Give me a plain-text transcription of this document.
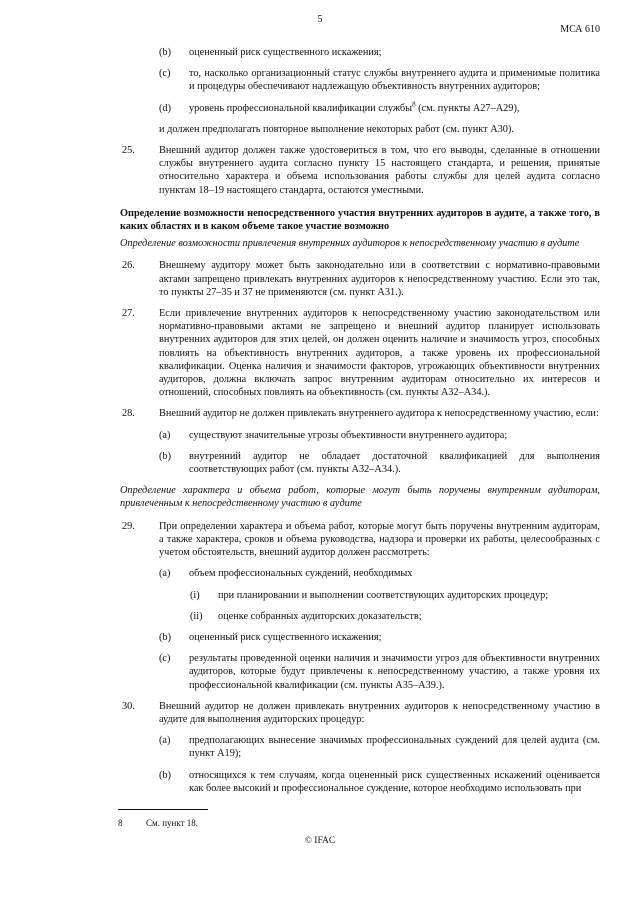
5
МСА 610
(b) оцененный риск существенного искажения;
(c) то, насколько организационный статус службы внутреннего аудита и применимые политика и процедуры обеспечивают надлежащую объективность внутренних аудиторов;
(d) уровень профессиональной квалификации службы$^8$ (см. пункты A27–A29),
и должен предполагать повторное выполнение некоторых работ (см. пункт A30).
25. Внешний аудитор должен также удостовериться в том, что его выводы, сделанные в отношении службы внутреннего аудита согласно пункту 15 настоящего стандарта, и решения, принятые относительно характера и объема использования работы службы для целей аудита согласно пунктам 18–19 настоящего стандарта, остаются уместными.
Определение возможности непосредственного участия внутренних аудиторов в аудите, а также того, в каких областях и в каком объеме такое участие возможно
Определение возможности привлечения внутренних аудиторов к непосредственному участию в аудите
26. Внешнему аудитору может быть законодательно или в соответствии с нормативно-правовыми актами запрещено привлекать внутренних аудиторов к непосредственному участию. Если это так, то пункты 27–35 и 37 не применяются (см. пункт A31.).
27. Если привлечение внутренних аудиторов к непосредственному участию законодательством или нормативно-правовыми актами не запрещено и внешний аудитор планирует использовать внутренних аудиторов для этих целей, он должен оценить наличие и значимость угроз, способных повлиять на объективность внутренних аудиторов, а также уровень их профессиональной квалификации. Оценка наличия и значимости факторов, угрожающих объективности внутренних аудиторов, должна включать запрос внутренним аудиторам относительно их интересов и отношений, способных повлиять на объективность (см. пункты A32–A34.).
28. Внешний аудитор не должен привлекать внутреннего аудитора к непосредственному участию, если:
(a) существуют значительные угрозы объективности внутреннего аудитора;
(b) внутренний аудитор не обладает достаточной квалификацией для выполнения соответствующих работ (см. пункты A32–A34.).
Определение характера и объема работ, которые могут быть поручены внутренним аудиторам, привлеченным к непосредственному участию в аудите
29. При определении характера и объема работ, которые могут быть поручены внутренним аудиторам, а также характера, сроков и объема руководства, надзора и проверки их работы, целесообразных с учетом обстоятельств, внешний аудитор должен рассмотреть:
(a) объем профессиональных суждений, необходимых
(i) при планировании и выполнении соответствующих аудиторских процедур;
(ii) оценке собранных аудиторских доказательств;
(b) оцененный риск существенного искажения;
(c) результаты проведенной оценки наличия и значимости угроз для объективности внутренних аудиторов, которые будут привлечены к непосредственному участию, а также уровня их профессиональной квалификации (см. пункты A35–A39.).
30. Внешний аудитор не должен привлекать внутренних аудиторов к непосредственному участию в аудите для выполнения аудиторских процедур:
(a) предполагающих вынесение значимых профессиональных суждений для целей аудита (см. пункт A19);
(b) относящихся к тем случаям, когда оцененный риск существенных искажений оценивается как более высокий и профессиональное суждение, которое необходимо использовать при
8	См. пункт 18.
© IFAC
